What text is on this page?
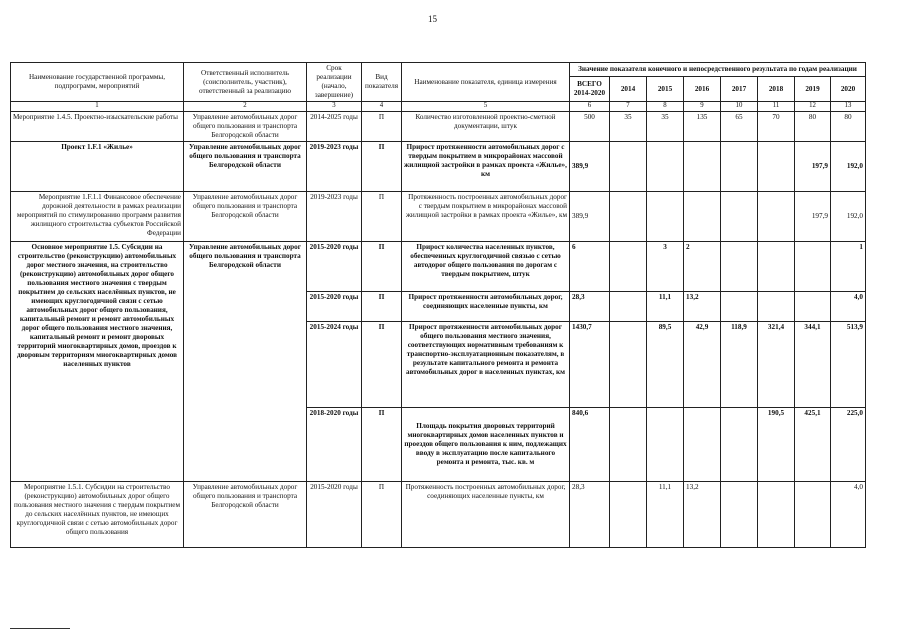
15
Наименование государственной программы, подпрограмм, мероприятий	Ответственный исполнитель (соисполнитель, участник), ответственный за реализацию	Срок реализации (начало, завершение)	Вид показателя	Наименование показателя, единица измерения	Значение показателя конечного и непосредственного результата по годам реализации							
					ВСЕГО 2014-2020	2014	2015	2016	2017	2018	2019	2020
1	2	3	4	5	6	7	8	9	10	11	12	13
Мероприятие 1.4.5. Проектно-изыскательские работы	Управление автомобильных дорог общего пользования и транспорта Белгородской области	2014-2025 годы	П	Количество изготовленной проектно-сметной документации, штук	500	35	35	135	65	70	80	80
Проект 1.F.1 «Жилье»	Управление автомобильных дорог общего пользования и транспорта Белгородской области	2019-2023 годы	П	Прирост протяженности автомобильных дорог с твердым покрытием в микрорайонах массовой жилищной застройки в рамках проекта «Жилье», км	389,9						197,9	192,0
Мероприятие 1.F.1.1 Финансовое обеспечение дорожной деятельности в рамках реализации мероприятий по стимулированию программ развития жилищного строительства субъектов Российской Федерации	Управление автомобильных дорог общего пользования и транспорта Белгородской области	2019-2023 годы	П	Протяженность построенных автомобильных дорог с твердым покрытием в микрорайонах массовой жилищной застройки в рамках проекта «Жилье», км	389,9						197,9	192,0
Основное мероприятие 1.5. Субсидии на строительство (реконструкцию) автомобильных дорог местного значения, на строительство (реконструкцию) автомобильных дорог общего пользования местного значения с твердым покрытием до сельских населённых пунктов, не имеющих круглогодичной связи с сетью автомобильных дорог общего пользования, капитальный ремонт и ремонт автомобильных дорог общего пользования местного значения, капитальный ремонт и ремонт дворовых территорий многоквартирных домов, проездов к дворовым территориям многоквартирных домов населенных пунктов	Управление автомобильных дорог общего пользования и транспорта Белгородской области	2015-2020 годы	П	Прирост количества населенных пунктов, обеспеченных круглогодичной связью с сетью автодорог общего пользования по дорогам с твердым покрытием, штук	6		3	2				1
		2015-2020 годы	П	Прирост протяженности автомобильных дорог, соединяющих населенные пункты, км	28,3		11,1	13,2				4,0
		2015-2024 годы	П	Прирост протяженности автомобильных дорог общего пользования местного значения, соответствующих нормативным требованиям к транспортно-эксплуатационным показателям, в результате капитального ремонта и ремонта автомобильных дорог в населенных пунктах, км	1430,7		89,5	42,9	118,9	321,4	344,1	513,9
		2018-2020 годы	П	Площадь покрытия дворовых территорий многоквартирных домов населенных пунктов и проездов общего пользования к ним, подлежащих вводу в эксплуатацию после капитального ремонта и ремонта, тыс. кв. м	840,6					190,5	425,1	225,0
Мероприятие 1.5.1. Субсидии на строительство (реконструкцию) автомобильных дорог общего пользования местного значения с твердым покрытием до сельских населённых пунктов, не имеющих круглогодичной связи с сетью автомобильных дорог общего пользования	Управление автомобильных дорог общего пользования и транспорта Белгородской области	2015-2020 годы	П	Протяженность построенных автомобильных дорог, соединяющих населенные пункты, км	28,3		11,1	13,2				4,0
